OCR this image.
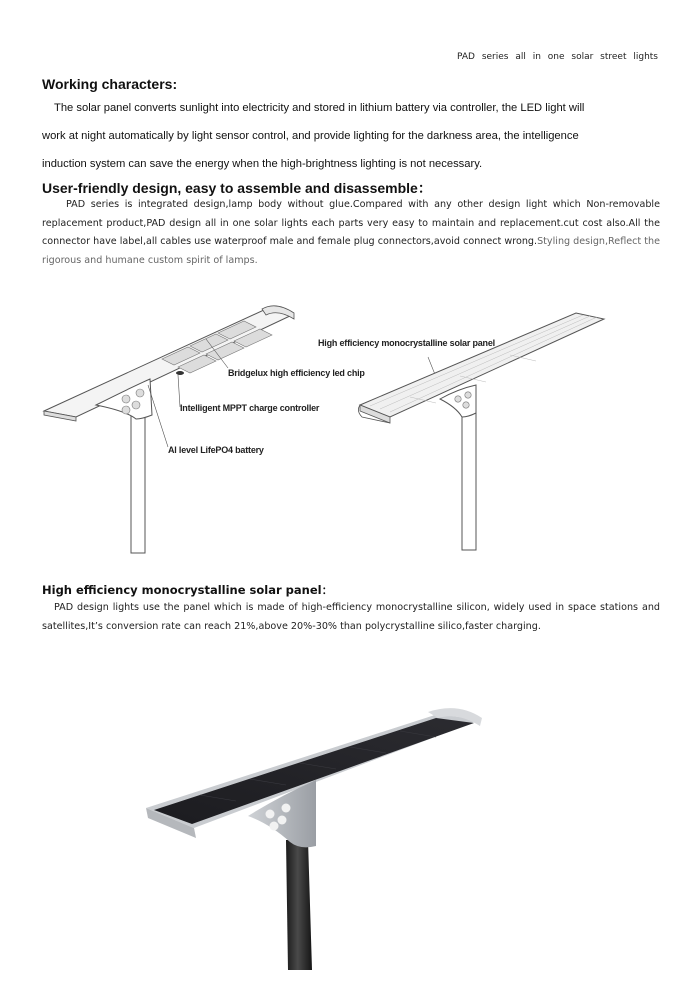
PAD series all in one solar street lights
Working characters:
The solar panel converts sunlight into electricity and stored in lithium battery via controller, the LED light will
work at night automatically by light sensor control, and provide lighting for the darkness area, the intelligence
induction system can save the energy when the high-brightness lighting is not necessary.
User-friendly design, easy to assemble and disassemble：
PAD series is integrated design,lamp body without glue.Compared with any other design light which Non-removable replacement product,PAD design all in one solar lights each parts very easy to maintain and replacement.cut cost also.All the connector have label,all cables use waterproof male and female plug connectors,avoid connect wrong.Styling design,Reflect the rigorous and humane custom spirit of lamps.
Bridgelux high efficiency led chip
Intelligent MPPT charge controller
Al level LifePO4 battery
High efficiency monocrystalline solar panel
High efficiency monocrystalline solar panel：
PAD design lights use the panel which is made of high-efficiency monocrystalline silicon, widely used in space stations and satellites,It’s conversion rate can reach 21%,above 20%-30% than polycrystalline silico,faster charging.
